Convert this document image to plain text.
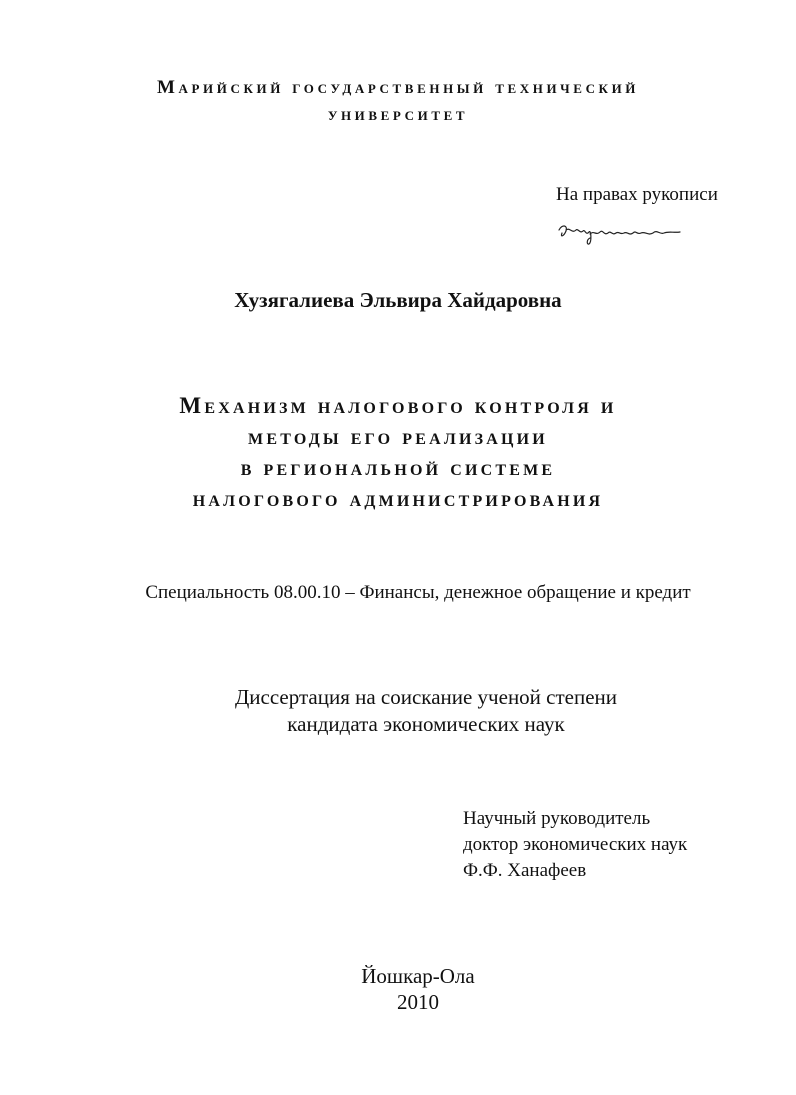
Марийский государственный технический
университет
На правах рукописи
Хузягалиева Эльвира Хайдаровна
Механизм налогового контроля и
методы его реализации
в региональной системе
налогового администрирования
Специальность 08.00.10 – Финансы, денежное обращение и кредит
Диссертация на соискание ученой степени
кандидата экономических наук
Научный руководитель
доктор экономических наук
Ф.Ф. Ханафеев
Йошкар-Ола
2010
